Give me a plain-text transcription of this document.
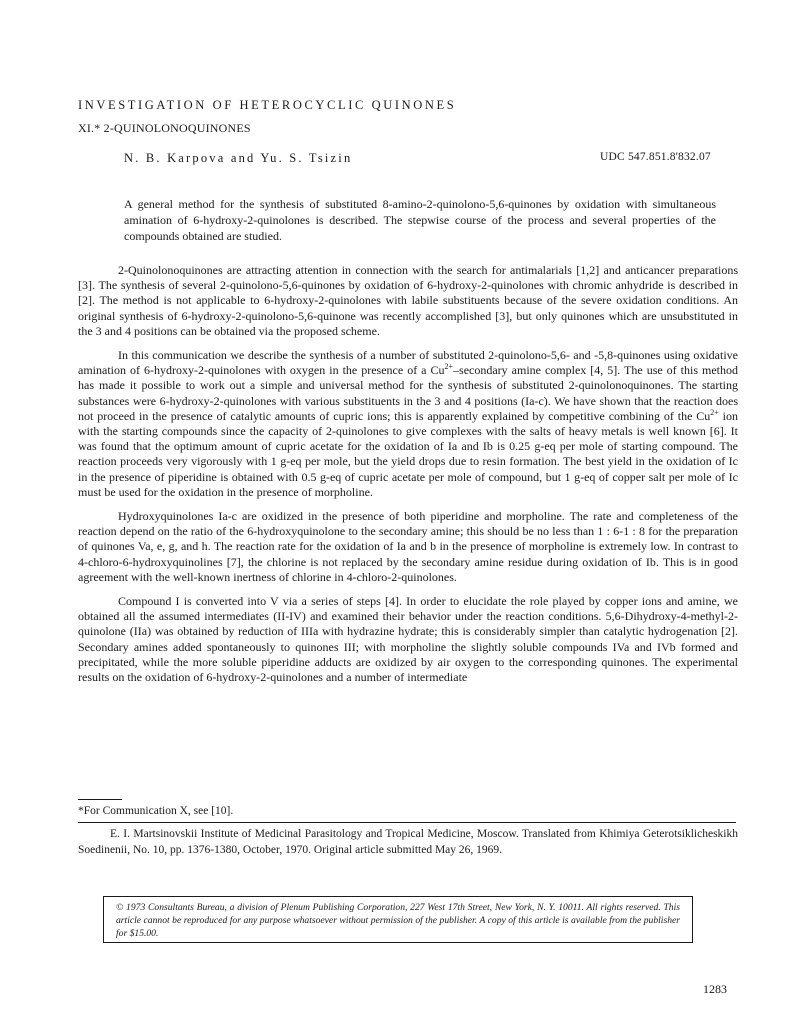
INVESTIGATION OF HETEROCYCLIC QUINONES
XI.* 2-QUINOLONOQUINONES
N. B. Karpova and Yu. S. Tsizin	UDC 547.851.8'832.07
A general method for the synthesis of substituted 8-amino-2-quinolono-5,6-quinones by oxidation with simultaneous amination of 6-hydroxy-2-quinolones is described. The stepwise course of the process and several properties of the compounds obtained are studied.

2-Quinolonoquinones are attracting attention in connection with the search for antimalarials [1,2] and anticancer preparations [3]. The synthesis of several 2-quinolono-5,6-quinones by oxidation of 6-hydroxy-2-quinolones with chromic anhydride is described in [2]. The method is not applicable to 6-hydroxy-2-quinolones with labile substituents because of the severe oxidation conditions. An original synthesis of 6-hydroxy-2-quinolono-5,6-quinone was recently accomplished [3], but only quinones which are unsubstituted in the 3 and 4 positions can be obtained via the proposed scheme.

In this communication we describe the synthesis of a number of substituted 2-quinolono-5,6- and -5,8-quinones using oxidative amination of 6-hydroxy-2-quinolones with oxygen in the presence of a $Cu^{2+}$–secondary amine complex [4, 5]. The use of this method has made it possible to work out a simple and universal method for the synthesis of substituted 2-quinolonoquinones. The starting substances were 6-hydroxy-2-quinolones with various substituents in the 3 and 4 positions (Ia-c). We have shown that the reaction does not proceed in the presence of catalytic amounts of cupric ions; this is apparently explained by competitive combining of the $Cu^{2+}$ ion with the starting compounds since the capacity of 2-quinolones to give complexes with the salts of heavy metals is well known [6]. It was found that the optimum amount of cupric acetate for the oxidation of Ia and Ib is 0.25 g-eq per mole of starting compound. The reaction proceeds very vigorously with 1 g-eq per mole, but the yield drops due to resin formation. The best yield in the oxidation of Ic in the presence of piperidine is obtained with 0.5 g-eq of cupric acetate per mole of compound, but 1 g-eq of copper salt per mole of Ic must be used for the oxidation in the presence of morpholine.

Hydroxyquinolones Ia-c are oxidized in the presence of both piperidine and morpholine. The rate and completeness of the reaction depend on the ratio of the 6-hydroxyquinolone to the secondary amine; this should be no less than 1 : 6-1 : 8 for the preparation of quinones Va, e, g, and h. The reaction rate for the oxidation of Ia and b in the presence of morpholine is extremely low. In contrast to 4-chloro-6-hydroxyquinolines [7], the chlorine is not replaced by the secondary amine residue during oxidation of Ib. This is in good agreement with the well-known inertness of chlorine in 4-chloro-2-quinolones.

Compound I is converted into V via a series of steps [4]. In order to elucidate the role played by copper ions and amine, we obtained all the assumed intermediates (II-IV) and examined their behavior under the reaction conditions. 5,6-Dihydroxy-4-methyl-2-quinolone (IIa) was obtained by reduction of IIIa with hydrazine hydrate; this is considerably simpler than catalytic hydrogenation [2]. Secondary amines added spontaneously to quinones III; with morpholine the slightly soluble compounds IVa and IVb formed and precipitated, while the more soluble piperidine adducts are oxidized by air oxygen to the corresponding quinones. The experimental results on the oxidation of 6-hydroxy-2-quinolones and a number of intermediate

*For Communication X, see [10].
E. I. Martsinovskii Institute of Medicinal Parasitology and Tropical Medicine, Moscow. Translated from Khimiya Geterotsiklicheskikh Soedinenii, No. 10, pp. 1376-1380, October, 1970. Original article submitted May 26, 1969.
© 1973 Consultants Bureau, a division of Plenum Publishing Corporation, 227 West 17th Street, New York, N. Y. 10011. All rights reserved. This article cannot be reproduced for any purpose whatsoever without permission of the publisher. A copy of this article is available from the publisher for $15.00.
1283
